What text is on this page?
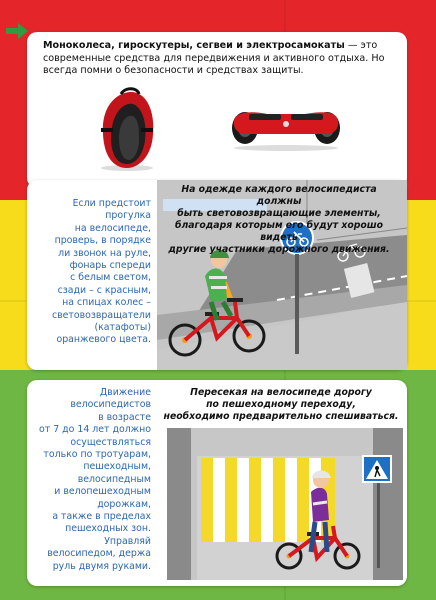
Моноколеса, гироскутеры, сегвеи и электросамокаты — это современные средства для передвижения и активного отдыха. Но всегда помни о безопасности и средствах защиты.
Если предстоит
прогулка
на велосипеде,
проверь, в порядке
ли звонок на руле,
фонарь спереди
с белым светом,
сзади – с красным,
на спицах колес –
световозвращатели
(катафоты)
оранжевого цвета.
На одежде каждого велосипедиста должны
быть световозвращающие элементы,
благодаря которым его будут хорошо видеть
другие участники дорожного движения.
Движение
велосипедистов
в возрасте
от 7 до 14 лет должно
осуществляться
только по тротуарам,
пешеходным,
велосипедным
и велопешеходным
дорожкам,
а также в пределах
пешеходных зон.
Управляй
велосипедом, держа
руль двумя руками.
Пересекая на велосипеде дорогу
по пешеходному переходу,
необходимо предварительно спешиваться.
